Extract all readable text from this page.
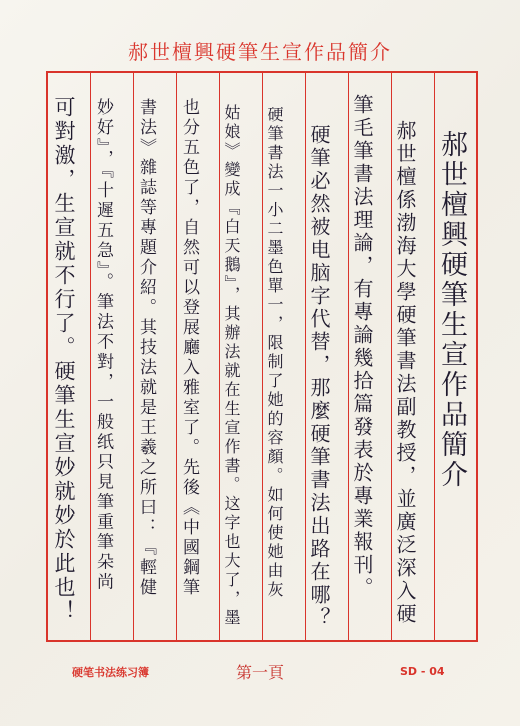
郝世檀興硬筆生宣作品簡介
郝世檀興硬筆生宣作品簡介
郝世檀係渤海大學硬筆書法副教授，並廣泛深入硬
筆毛筆書法理論，有專論幾拾篇發表於專業報刊。
硬筆必然被电脑字代替，那麼硬筆書法出路在哪？
硬筆書法一小二墨色單一，限制了她的容顏。如何使她由灰
姑娘》變成『白天鵝』，其辦法就在生宣作書。这字也大了，墨
也分五色了，自然可以登展廳入雅室了。先後《中國鋼筆
書法》雜誌等專題介紹。其技法就是王羲之所曰：『輕健
妙好』，『十遲五急』。筆法不對，一般纸只見筆重筆朵尚
可對激，生宣就不行了。硬筆生宣妙就妙於此也！
硬笔书法练习簿	第一頁	SD - 04
